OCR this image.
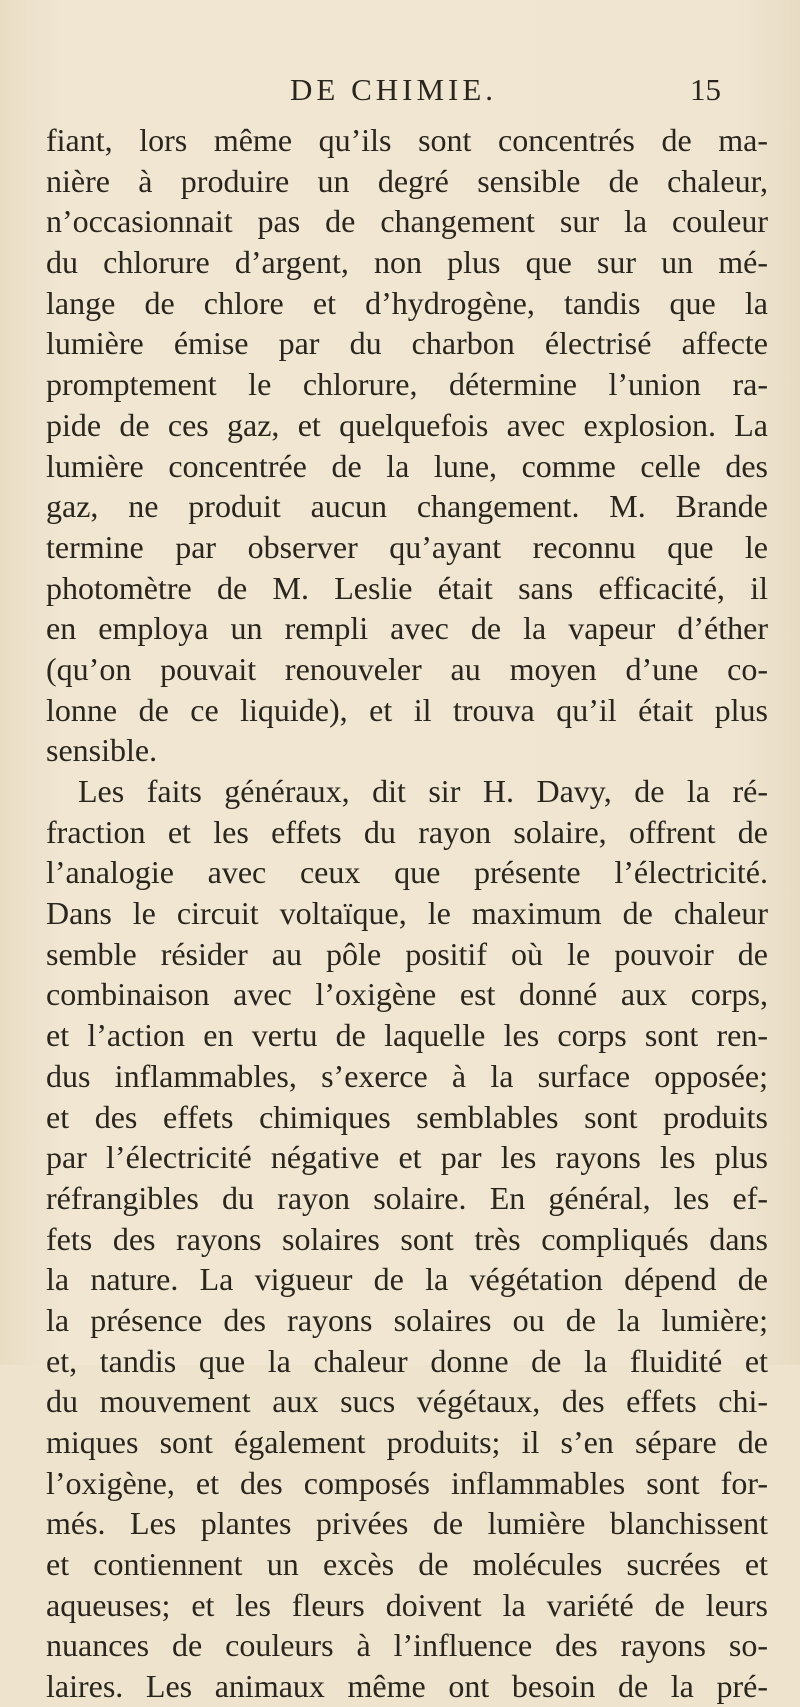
DE CHIMIE.	15
fiant, lors même qu’ils sont concentrés de ma-
nière à produire un degré sensible de chaleur,
n’occasionnait pas de changement sur la couleur
du chlorure d’argent, non plus que sur un mé-
lange de chlore et d’hydrogène, tandis que la
lumière émise par du charbon électrisé affecte
promptement le chlorure, détermine l’union ra-
pide de ces gaz, et quelquefois avec explosion. La
lumière concentrée de la lune, comme celle des
gaz, ne produit aucun changement. M. Brande
termine par observer qu’ayant reconnu que le
photomètre de M. Leslie était sans efficacité, il
en employa un rempli avec de la vapeur d’éther
(qu’on pouvait renouveler au moyen d’une co-
lonne de ce liquide), et il trouva qu’il était plus
sensible.
Les faits généraux, dit sir H. Davy, de la ré-
fraction et les effets du rayon solaire, offrent de
l’analogie avec ceux que présente l’électricité.
Dans le circuit voltaïque, le maximum de chaleur
semble résider au pôle positif où le pouvoir de
combinaison avec l’oxigène est donné aux corps,
et l’action en vertu de laquelle les corps sont ren-
dus inflammables, s’exerce à la surface opposée;
et des effets chimiques semblables sont produits
par l’électricité négative et par les rayons les plus
réfrangibles du rayon solaire. En général, les ef-
fets des rayons solaires sont très compliqués dans
la nature. La vigueur de la végétation dépend de
la présence des rayons solaires ou de la lumière;
et, tandis que la chaleur donne de la fluidité et
du mouvement aux sucs végétaux, des effets chi-
miques sont également produits; il s’en sépare de
l’oxigène, et des composés inflammables sont for-
més. Les plantes privées de lumière blanchissent
et contiennent un excès de molécules sucrées et
aqueuses; et les fleurs doivent la variété de leurs
nuances de couleurs à l’influence des rayons so-
laires. Les animaux même ont besoin de la pré-
